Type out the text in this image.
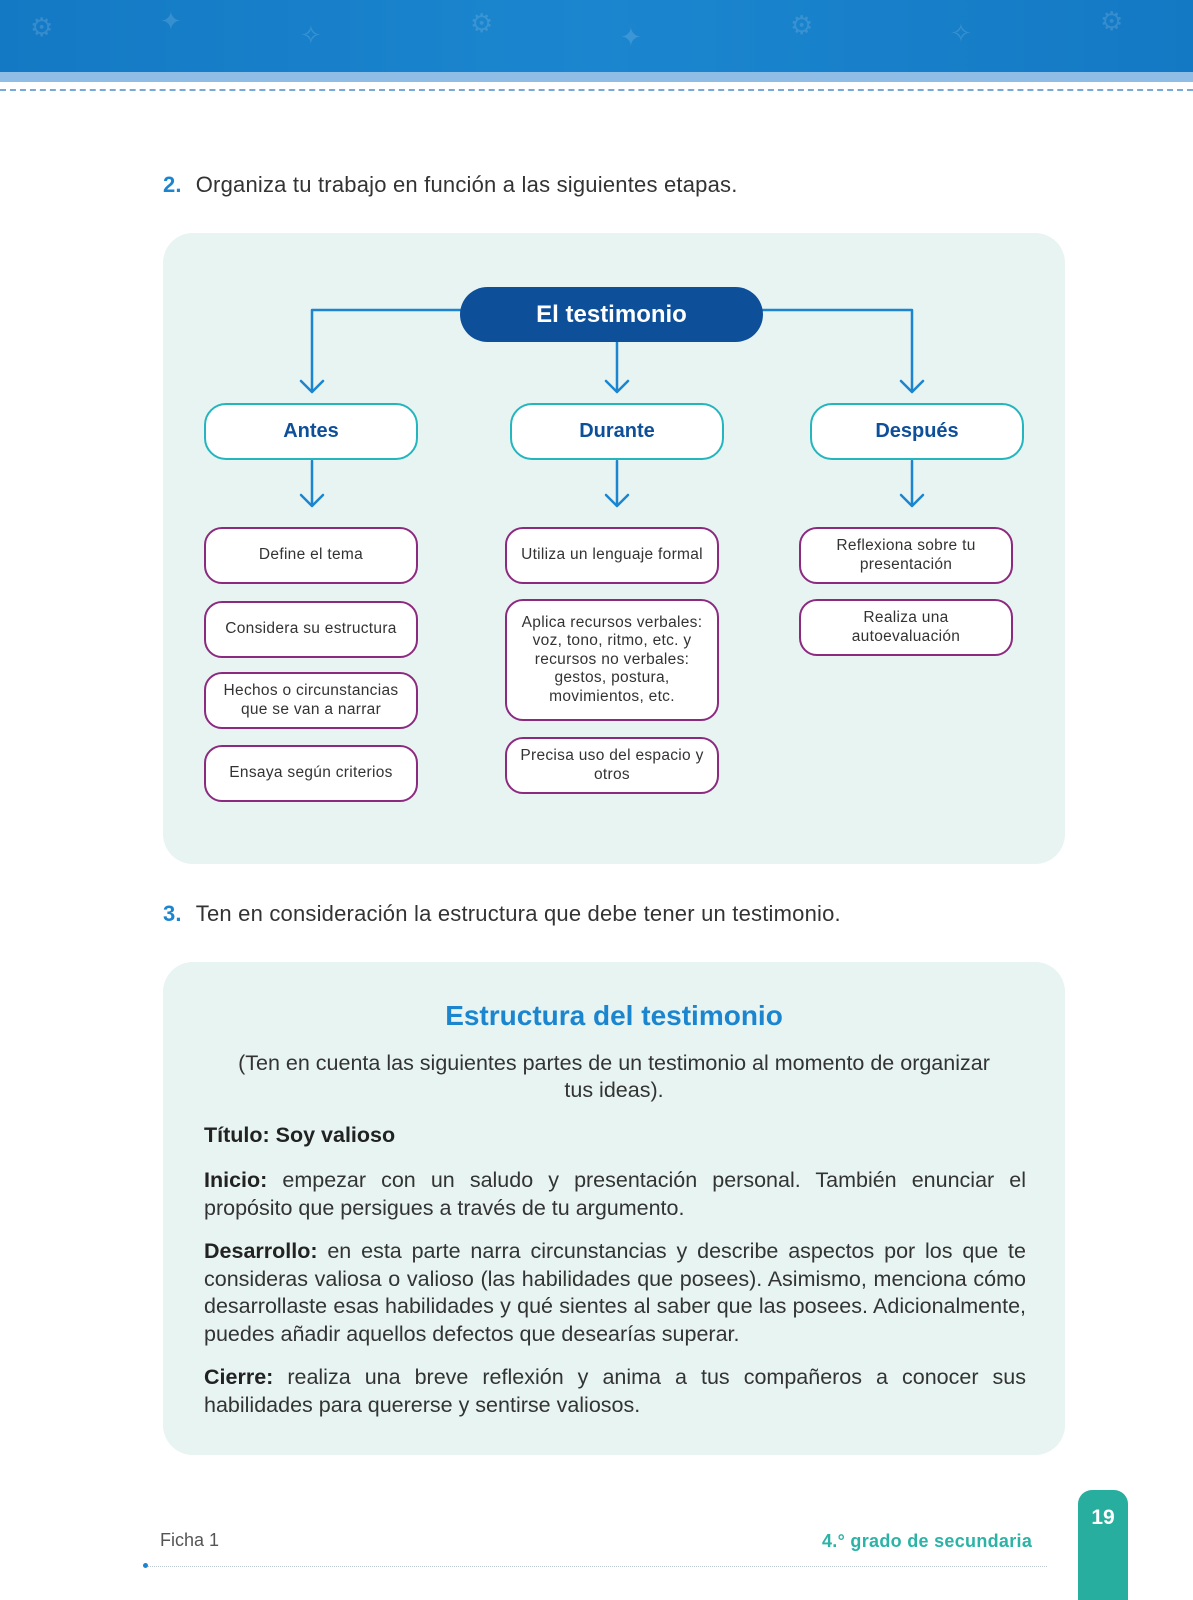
⚙	✦	✧	⚙	✦	⚙	✧	⚙
2. Organiza tu trabajo en función a las siguientes etapas.
El testimonio
Antes	Durante	Después
Define el tema
Considera su estructura
Hechos o circunstancias que se van a narrar
Ensaya según criterios
Utiliza un lenguaje formal
Aplica recursos verbales: voz, tono, ritmo, etc. y recursos no verbales: gestos, postura, movimientos, etc.
Precisa uso del espacio y otros
Reflexiona sobre tu presentación
Realiza una autoevaluación
3. Ten en consideración la estructura que debe tener un testimonio.
Estructura del testimonio
(Ten en cuenta las siguientes partes de un testimonio al momento de organizar tus ideas).
Título: Soy valioso
Inicio: empezar con un saludo y presentación personal. También enunciar el propósito que persigues a través de tu argumento.
Desarrollo: en esta parte narra circunstancias y describe aspectos por los que te consideras valiosa o valioso (las habilidades que posees). Asimismo, menciona cómo desarrollaste esas habilidades y qué sientes al saber que las posees. Adicionalmente, puedes añadir aquellos defectos que desearías superar.
Cierre: realiza una breve reflexión y anima a tus compañeros a conocer sus habilidades para quererse y sentirse valiosos.
Ficha 1	4.° grado de secundaria
19
